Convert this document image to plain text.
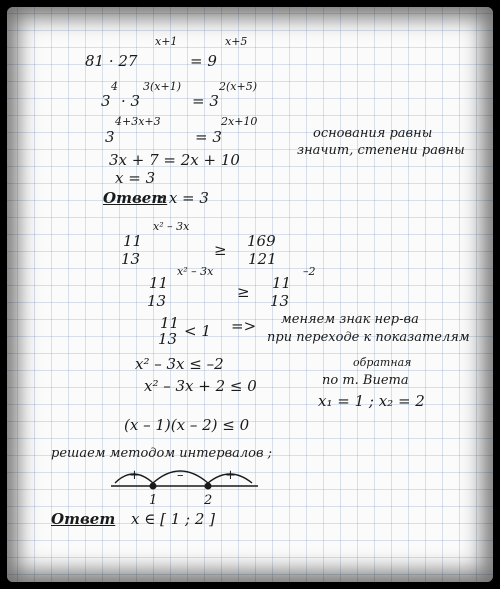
81 · 27
x+1
= 9
x+5
3
4
· 3
3(x+1)
= 3
2(x+5)
3
4+3x+3
= 3
2x+10
основания равны
значит, степени равны
3x + 7 = 2x + 10
x = 3
Ответ
: x = 3
11
13
x² – 3x
≥ 169
121
11
13
x² – 3x
≥ 11
13
–2
11
13 < 1 => меняем знак нер-ва
при переходе к показателям
x² – 3x ≤ –2
x² – 3x + 2 ≤ 0
обратная
по т. Виета
x₁ = 1 ; x₂ = 2
(x – 1)(x – 2) ≤ 0
решаем методом интервалов ;
+	–	+
1	2
Ответ x ∈ [ 1 ; 2 ]
